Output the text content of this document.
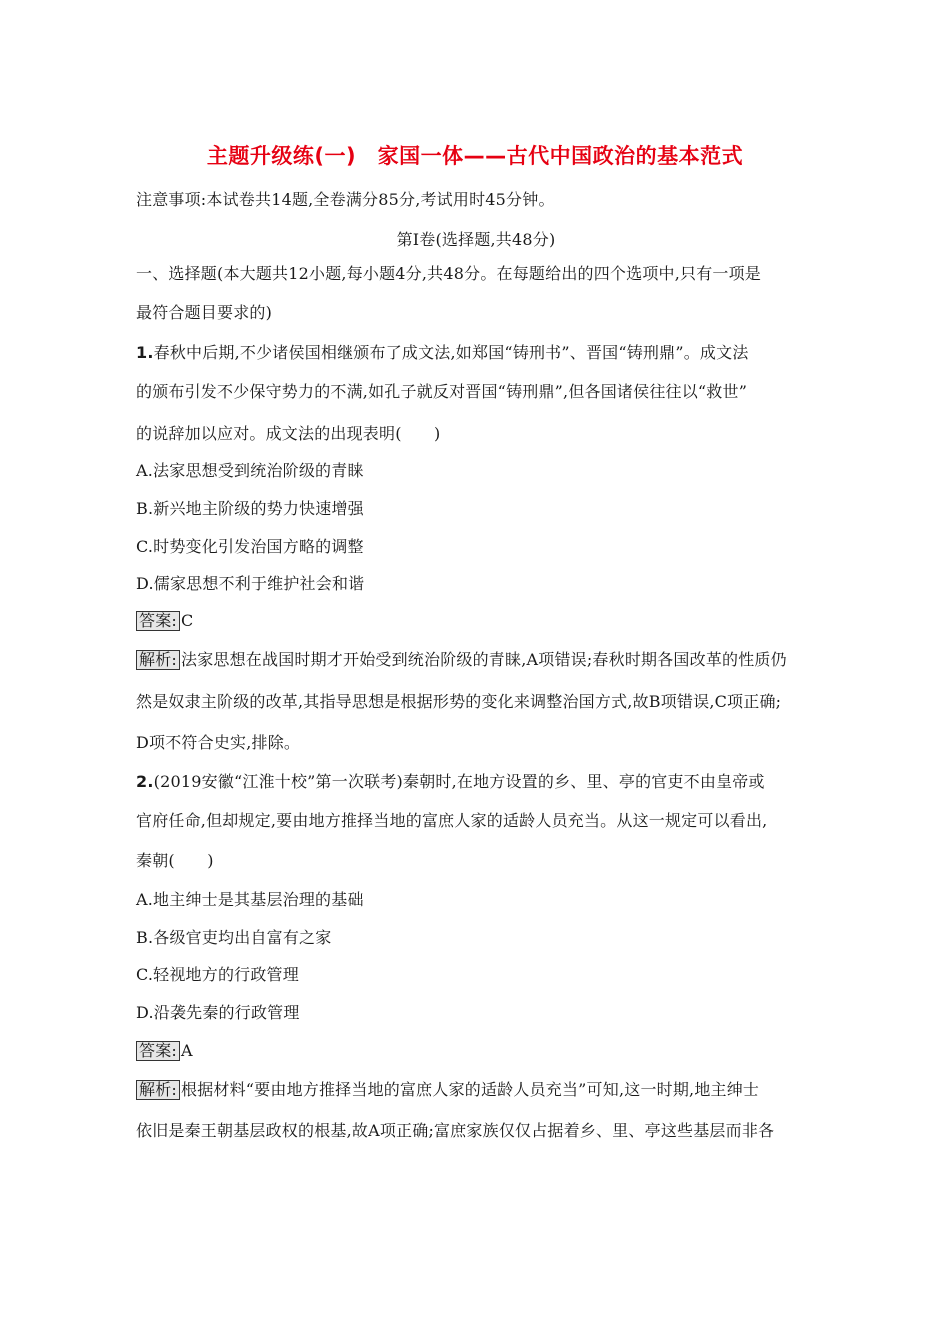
主题升级练(一)　家国一体——古代中国政治的基本范式
注意事项:本试卷共14题,全卷满分85分,考试用时45分钟。
第Ⅰ卷(选择题,共48分)
一、选择题(本大题共12小题,每小题4分,共48分。在每题给出的四个选项中,只有一项是
最符合题目要求的)
1.春秋中后期,不少诸侯国相继颁布了成文法,如郑国“铸刑书”、晋国“铸刑鼎”。成文法
的颁布引发不少保守势力的不满,如孔子就反对晋国“铸刑鼎”,但各国诸侯往往以“救世”
的说辞加以应对。成文法的出现表明(　　)
A.法家思想受到统治阶级的青睐
B.新兴地主阶级的势力快速增强
C.时势变化引发治国方略的调整
D.儒家思想不利于维护社会和谐
答案: C
解析: 法家思想在战国时期才开始受到统治阶级的青睐,A项错误;春秋时期各国改革的性质仍
然是奴隶主阶级的改革,其指导思想是根据形势的变化来调整治国方式,故B项错误,C项正确;
D项不符合史实,排除。
2.(2019安徽“江淮十校”第一次联考)秦朝时,在地方设置的乡、里、亭的官吏不由皇帝或
官府任命,但却规定,要由地方推择当地的富庶人家的适龄人员充当。从这一规定可以看出,
秦朝(　　)
A.地主绅士是其基层治理的基础
B.各级官吏均出自富有之家
C.轻视地方的行政管理
D.沿袭先秦的行政管理
答案: A
解析: 根据材料“要由地方推择当地的富庶人家的适龄人员充当”可知,这一时期,地主绅士
依旧是秦王朝基层政权的根基,故A项正确;富庶家族仅仅占据着乡、里、亭这些基层而非各
